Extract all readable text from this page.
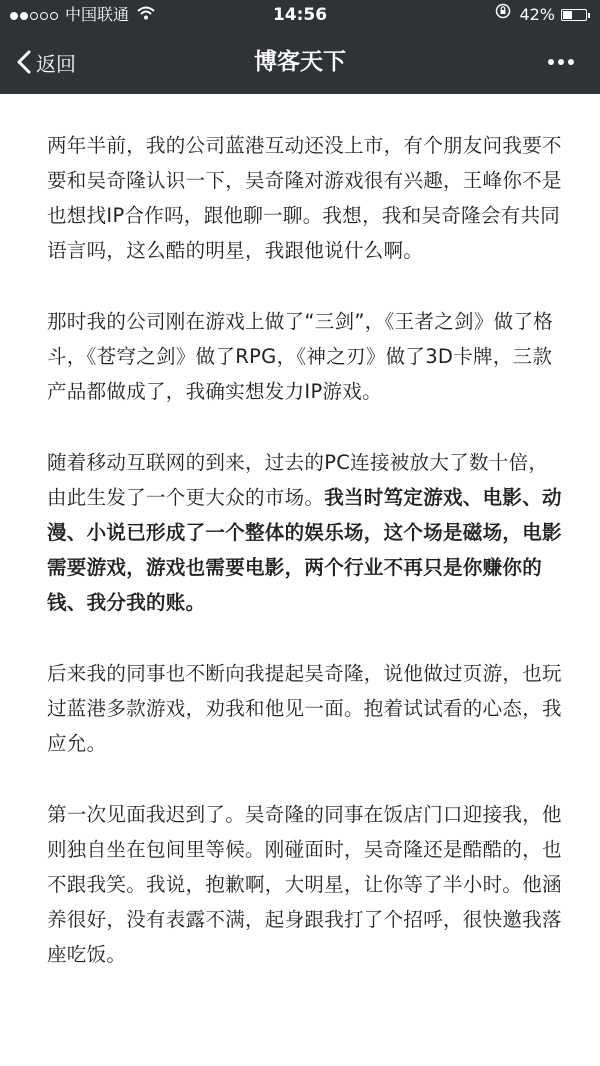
中国联通	14:56	42%
返回	博客天下

两年半前，我的公司蓝港互动还没上市，有个朋友问我要不要和吴奇隆认识一下，吴奇隆对游戏很有兴趣，王峰你不是也想找IP合作吗，跟他聊一聊。我想，我和吴奇隆会有共同语言吗，这么酷的明星，我跟他说什么啊。

那时我的公司刚在游戏上做了“三剑”，《王者之剑》做了格斗，《苍穹之剑》做了RPG，《神之刃》做了3D卡牌，三款产品都做成了，我确实想发力IP游戏。

随着移动互联网的到来，过去的PC连接被放大了数十倍，由此生发了一个更大众的市场。我当时笃定游戏、电影、动漫、小说已形成了一个整体的娱乐场，这个场是磁场，电影需要游戏，游戏也需要电影，两个行业不再只是你赚你的钱、我分我的账。

后来我的同事也不断向我提起吴奇隆，说他做过页游，也玩过蓝港多款游戏，劝我和他见一面。抱着试试看的心态，我应允。

第一次见面我迟到了。吴奇隆的同事在饭店门口迎接我，他则独自坐在包间里等候。刚碰面时，吴奇隆还是酷酷的，也不跟我笑。我说，抱歉啊，大明星，让你等了半小时。他涵养很好，没有表露不满，起身跟我打了个招呼，很快邀我落座吃饭。
